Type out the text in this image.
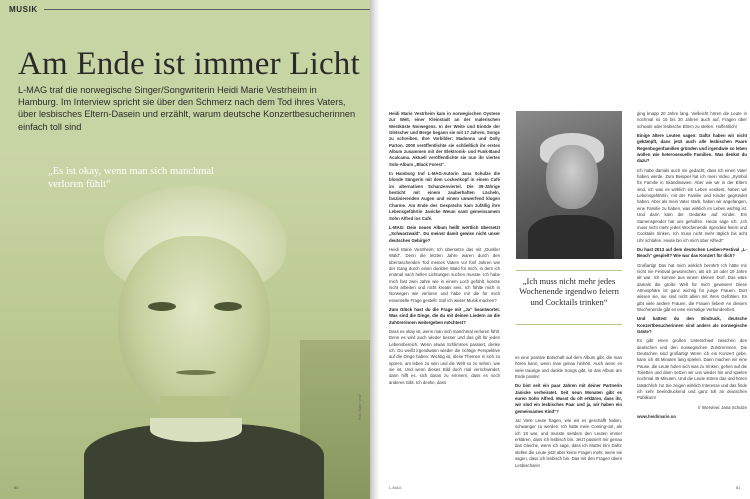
MUSIK
Am Ende ist immer Licht
L-MAG traf die norwegische Singer/Songwriterin Heidi Marie Vestrheim in Hamburg. Im Interview spricht sie über den Schmerz nach dem Tod ihres Vaters, über lesbisches Eltern-Dasein und erzählt, warum deutsche Konzertbesucherinnen einfach toll sind
„Es ist okay, wenn man sich manchmal verloren fühlt“
Foto: Marie Vestr
60

Heidi Marie Vestrheim kam in norwegischen Oystese zur Welt, einer Kleinstadt an der malerischen Westküste Norwegens. In der Weite und Einöde der Gletscher und Berge begann sie mit 17 Jahren, Songs zu schreiben. Ihre Vorbilder: Madonna und Dolly Parton. 2000 veröffentlichte sie schließlich ihr erstes Album zusammen mit der Elektronik- und Funk-Band Acalcama. Aktuell veröffentlichte sie nun ihr viertes Solo-Album „Black Forest“.

In Hamburg traf L-MAG-Autorin Jana Schulze die blonde Sängerin mit dem Lockenkopf in einem Café im alternativen Schanzenviertel. Die 39-Jährige besticht mit einem zauberhaften Lächeln, faszinierenden Augen und einem umwerfend klugen Charme. Am Ende des Gesprächs kam zufällig ihre Lebensgefährtin Janicke Weum samt gemeinsamem Sohn Alfred ins Café.

L-MAG: Dein neues Album heißt wörtlich übersetzt „Schwarzwald“. Du meinst damit gewiss nicht unser deutsches Gebirge?

Heidi Marie Vestrheim: Ich übersetze das mit „Dunkler Wald“. Denn die letzten Jahre waren durch den überraschenden Tod meines Vaters vor fünf Jahren wie der Gang durch einen dunklen Wald für mich, in dem ich erstmal nach hellen Lichtungen suchen musste. Ich habe mich fast zwei Jahre wie in einem Loch gefühlt, konnte nicht arbeiten und nicht kreativ sein. Ich fühlte mich in Norwegen wie verloren und habe mir die für mich essentielle Frage gestellt: Soll ich weiter Musik machen?

Zum Glück hast du die Frage mit „Ja“ beantwortet. Was sind die Dinge, die du mit deinen Liedern an die Zuhörerinnen weitergeben möchtest?

Dass es okay ist, wenn man sich manchmal verloren fühlt. Denn es wird auch wieder besser und das gilt für jeden Lebensbereich. Wenn etwas Schlimmes passiert, denke ich: Du weißt irgendwann wieder die richtige Perspektive auf die Dinge haben. Wichtig ist, diese Themen in sich zu spüren, am leben zu sein und die Welt so zu sehen, wie sie ist. Und wenn dieses Bild doch mal verschwindet, dann hilft es, sich daran zu erinnern, dass es noch anderes Gibt. Ich denke, dass

„Ich muss nicht mehr jedes Wochenende irgendwo feiern und Cocktails trinken“

es eine positive Botschaft auf dem Album gibt, die man hören kann, wenn man genau hinhört. Auch wenn es viele traurige und dunkle Songs gibt, ist das Album am Ende positiv!

Du bist seit ein paar Jahren mit deiner Partnerin Janicke verheiratet. Seit neun Monaten gibt es euren Sohn Alfred. Musst du oft erklären, dass ihr, wir sind ein lesbisches Paar und ja, wir haben ein gemeinsames Kind“?

Ja! Viele Leute fragen, wie wir es geschafft haben, schwanger zu werden. Ich hatte mein Coming-out, als ich 18 war, und musste seitdem den Leuten immer erklären, dass ich lesbisch bin. Jetzt passiert mir genau das Gleiche, wenn ich sage, dass ich Mutter bin! Dafür stellen die Leute jetzt aber keine Fragen mehr, wenn sie sagen, dass ich lesbisch bin. Das mit den Fragen übers Lesbischsein

ging knapp 20 Jahre lang. Vielleicht hören die Leute in nochmal so 15 bis 20 Jahren auch auf, Fragen über schwule oder lesbische Eltern zu stellen. Hoffentlich!

Einige ältere Leuten sagen: Dafür haben wir nicht gekämpft, dass jetzt auch alle lesbischen Paare Regenbogenfamilien gründen und irgendwie so leben wollen wie heterosexuelle Familien. Was denkst du dazu?

Ich habe damals auch nie gedacht, dass ich einen Vater haben werde. Zum Beispiel hat ich mein Video „Symbol für Familie in Skandinavien. Aber wie wir in der Eltern sind, ich was es wirklich ein Leben verdient, haben wir Lebensgefährtin, mit der Familie und Kinder gegründet haben. Aber als mein Vater starb, haben wir angefangen, eine Familie zu haben, was wirklich im Leben wichtig ist. Und dann kam der Gedanke auf Kinder. Ein Samenspender hat uns geholfen. Heute sage ich: „Ich muss nicht mehr jedes Wochenende irgendwo feiern und Cocktails trinken. Ich muss nicht mehr täglich bis acht Uhr schlafen. Heute bin ich mich über Alfred!“

Du hast 2013 auf dem deutschen Lesben-Festival „L-Beach“ gespielt? Wie war das Konzert für dich?

Großartig! Das hat mich wirklich berührt! Ich hätte mir nicht nie Festival gewünschen, als ich 18 oder 19 Jahre alt war. Ich komme aus einem kleinen Dorf. Das wäre damals die große Welt für mich gewesen! Diese Atmosphäre ist ganz wichtig für junge Frauen. Dort wissen sie, sie sind nicht allein mit ihren Gefühlen. Es gibt viele andere Frauen, die Frauen lieben! An diesem Wochenende gibt es eine einmalige Verbundenheit.

Und hattest du den Eindruck, deutsche Konzertbesucherinnen sind anders als norwegische Gäste?

Es gibt einen großen Unterschied zwischen den deutschen und den norwegischen Zuhörerinnen. Die Deutschen sind großartig! Wenn ich ein Konzert gebe, kann ich 45 Minuten lang spielen. Dann machen wir eine Pause, die Leute holen sich was zu trinken, gehen auf die Toiletten und dann setzen wir uns wieder hin und spielen nochmal 45 Minuten. Und die Leute stören das und hören tatsächlich zu! Sie zeigen wirklich Interesse und das finde ich sehr beeindruckend und ganz toll an deutschen Publikum!

// Interview: Jana Schulze

www.heidimarie.no

L-MAG	61
